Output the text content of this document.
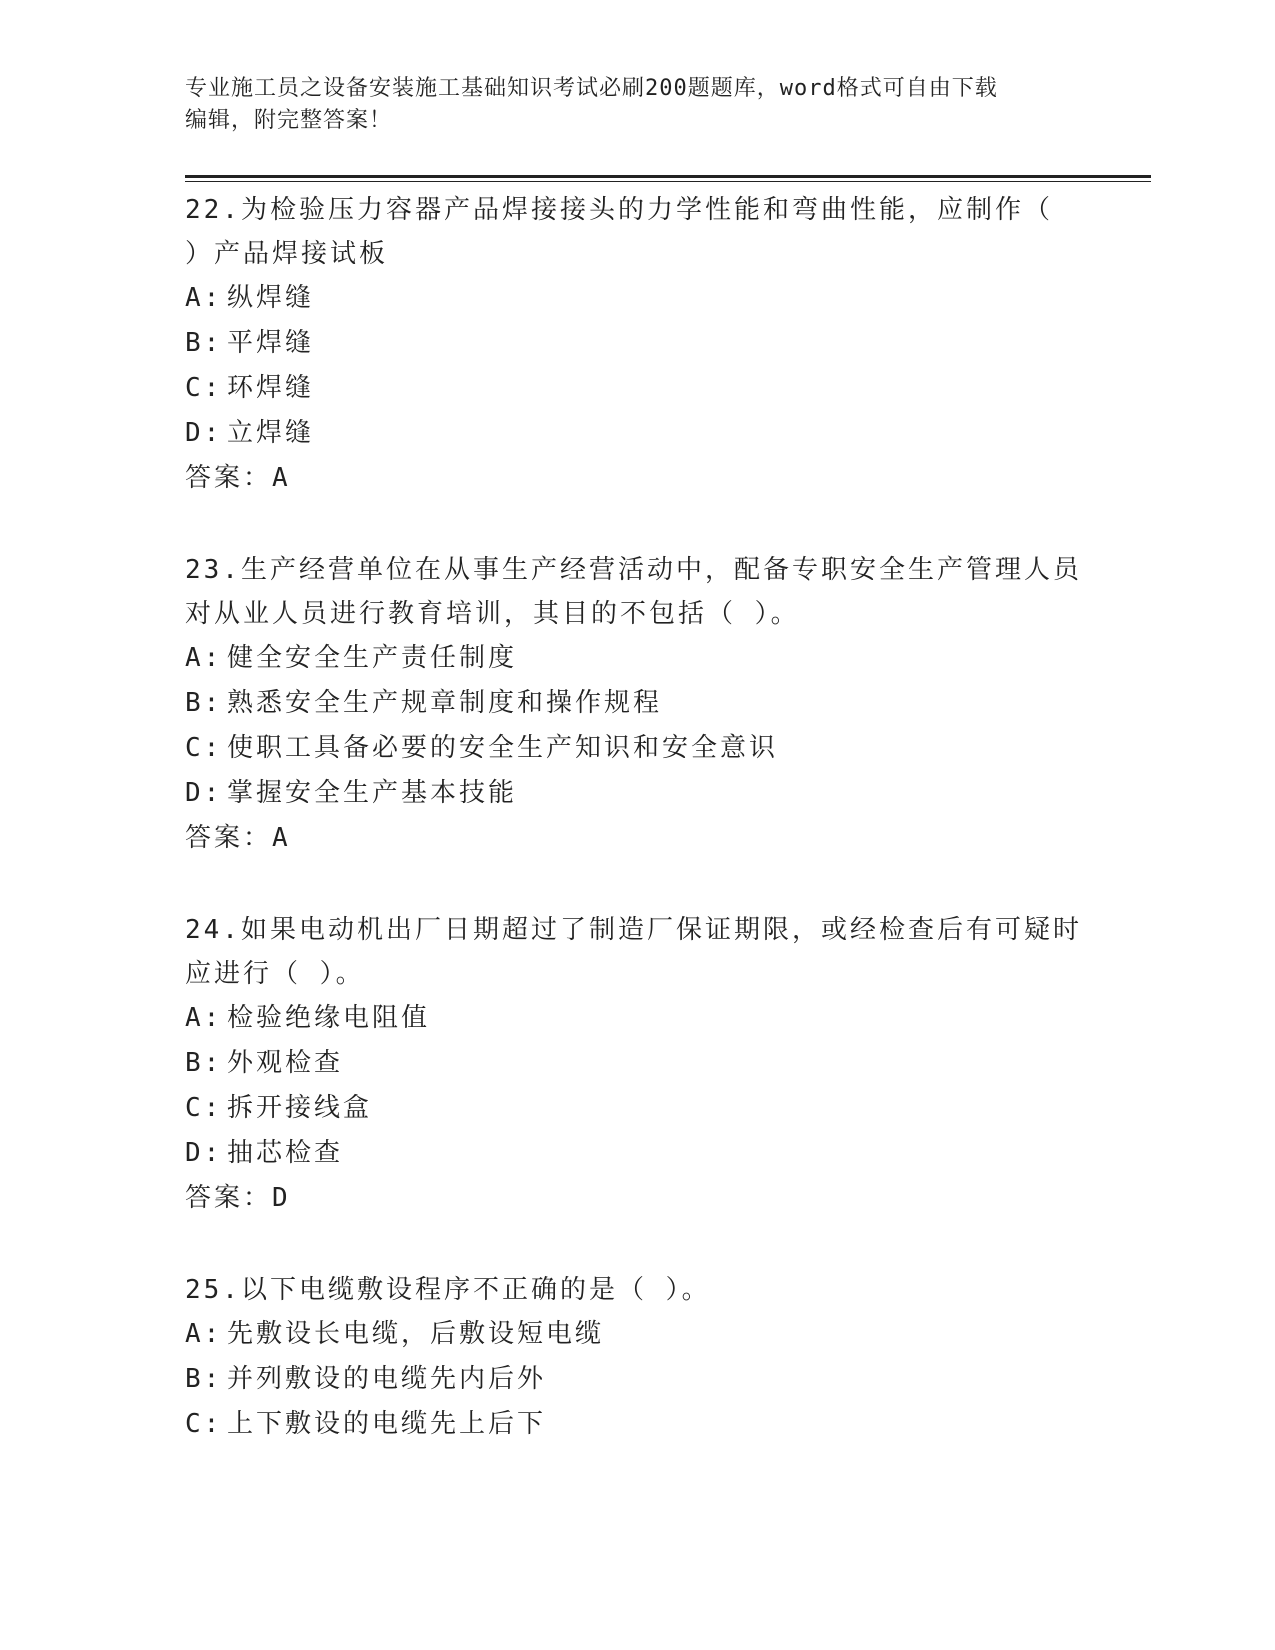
专业施工员之设备安装施工基础知识考试必刷200题题库，word格式可自由下载
编辑，附完整答案！
22.为检验压力容器产品焊接接头的力学性能和弯曲性能，应制作（
）产品焊接试板
A: 纵焊缝
B: 平焊缝
C: 环焊缝
D: 立焊缝
答案：A
23.生产经营单位在从事生产经营活动中，配备专职安全生产管理人员
对从业人员进行教育培训，其目的不包括（ ）。
A: 健全安全生产责任制度
B: 熟悉安全生产规章制度和操作规程
C: 使职工具备必要的安全生产知识和安全意识
D: 掌握安全生产基本技能
答案：A
24.如果电动机出厂日期超过了制造厂保证期限，或经检查后有可疑时
应进行（ ）。
A: 检验绝缘电阻值
B: 外观检查
C: 拆开接线盒
D: 抽芯检查
答案：D
25.以下电缆敷设程序不正确的是（ ）。
A: 先敷设长电缆，后敷设短电缆
B: 并列敷设的电缆先内后外
C: 上下敷设的电缆先上后下
